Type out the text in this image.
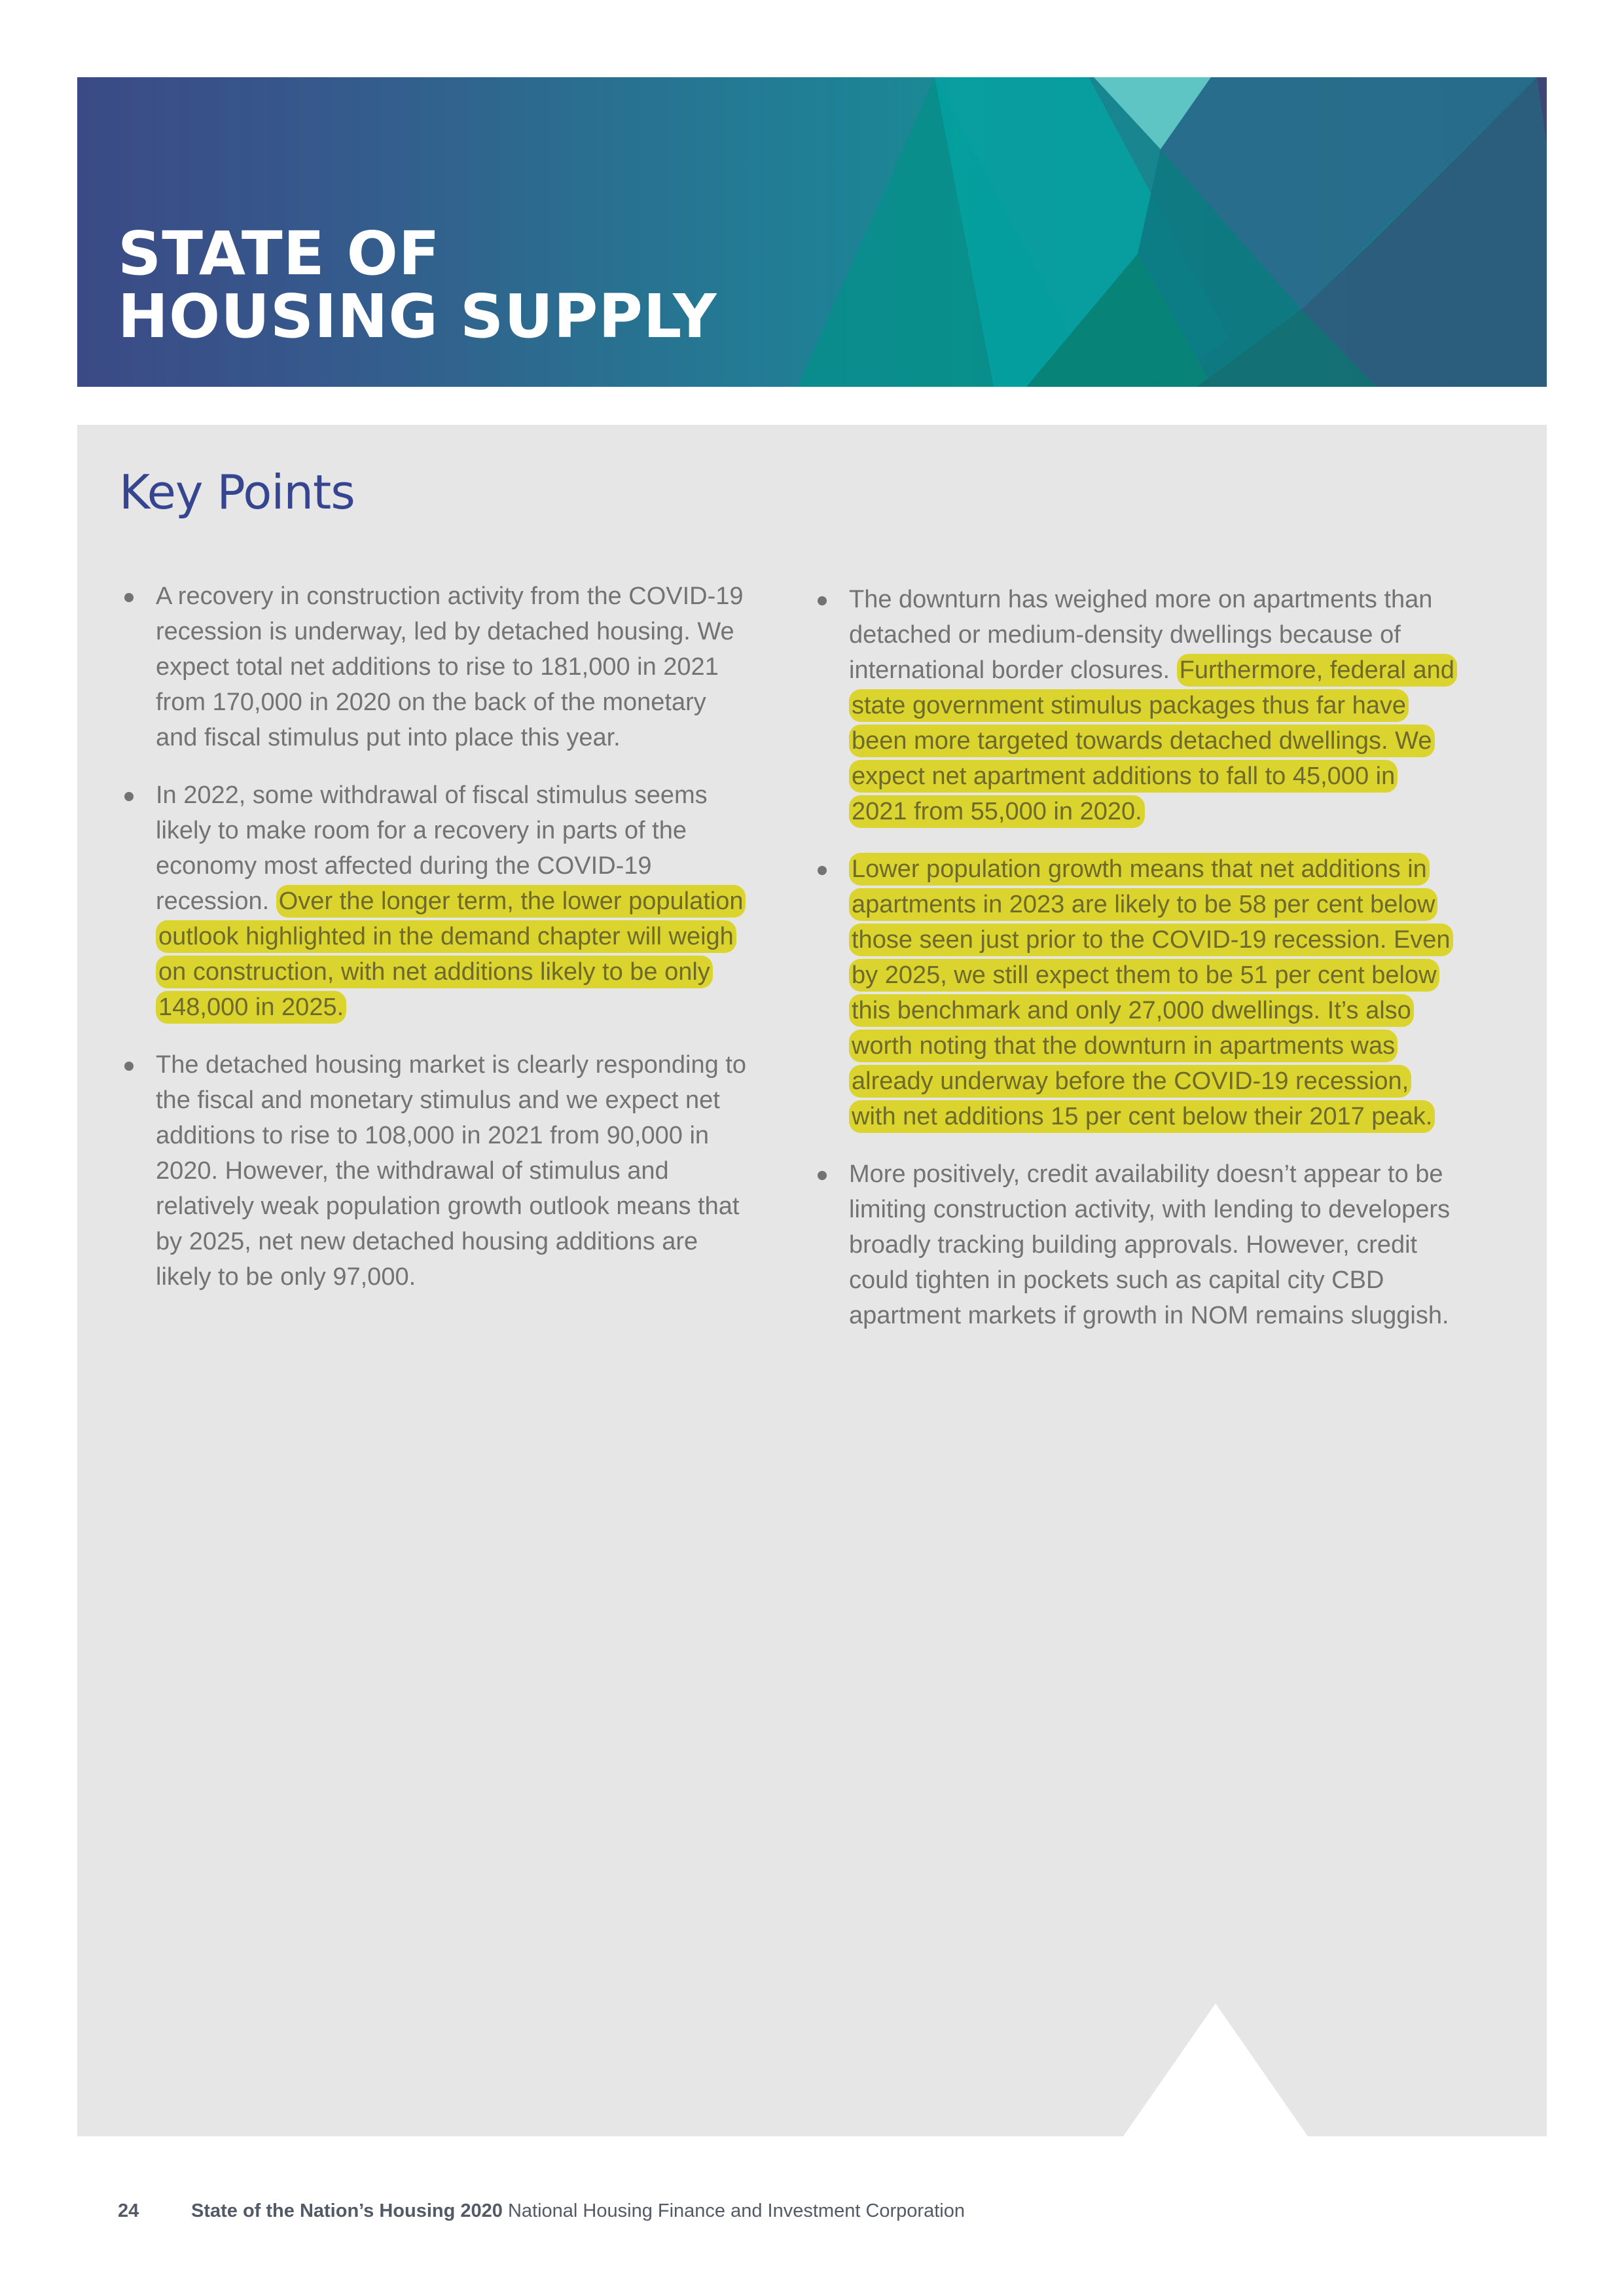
STATE OF
HOUSING SUPPLY
Key Points

A recovery in construction activity from the COVID-19 recession is underway, led by detached housing. We expect total net additions to rise to 181,000 in 2021 from 170,000 in 2020 on the back of the monetary and fiscal stimulus put into place this year.

In 2022, some withdrawal of fiscal stimulus seems likely to make room for a recovery in parts of the economy most affected during the COVID-19 recession. Over the longer term, the lower population outlook highlighted in the demand chapter will weigh on construction, with net additions likely to be only 148,000 in 2025.

The detached housing market is clearly responding to the fiscal and monetary stimulus and we expect net additions to rise to 108,000 in 2021 from 90,000 in 2020. However, the withdrawal of stimulus and relatively weak population growth outlook means that by 2025, net new detached housing additions are likely to be only 97,000.

The downturn has weighed more on apartments than detached or medium-density dwellings because of international border closures. Furthermore, federal and state government stimulus packages thus far have been more targeted towards detached dwellings. We expect net apartment additions to fall to 45,000 in 2021 from 55,000 in 2020.

Lower population growth means that net additions in apartments in 2023 are likely to be 58 per cent below those seen just prior to the COVID-19 recession. Even by 2025, we still expect them to be 51 per cent below this benchmark and only 27,000 dwellings. It’s also worth noting that the downturn in apartments was already underway before the COVID-19 recession, with net additions 15 per cent below their 2017 peak.

More positively, credit availability doesn’t appear to be limiting construction activity, with lending to developers broadly tracking building approvals. However, credit could tighten in pockets such as capital city CBD apartment markets if growth in NOM remains sluggish.

24	State of the Nation’s Housing 2020 National Housing Finance and Investment Corporation
